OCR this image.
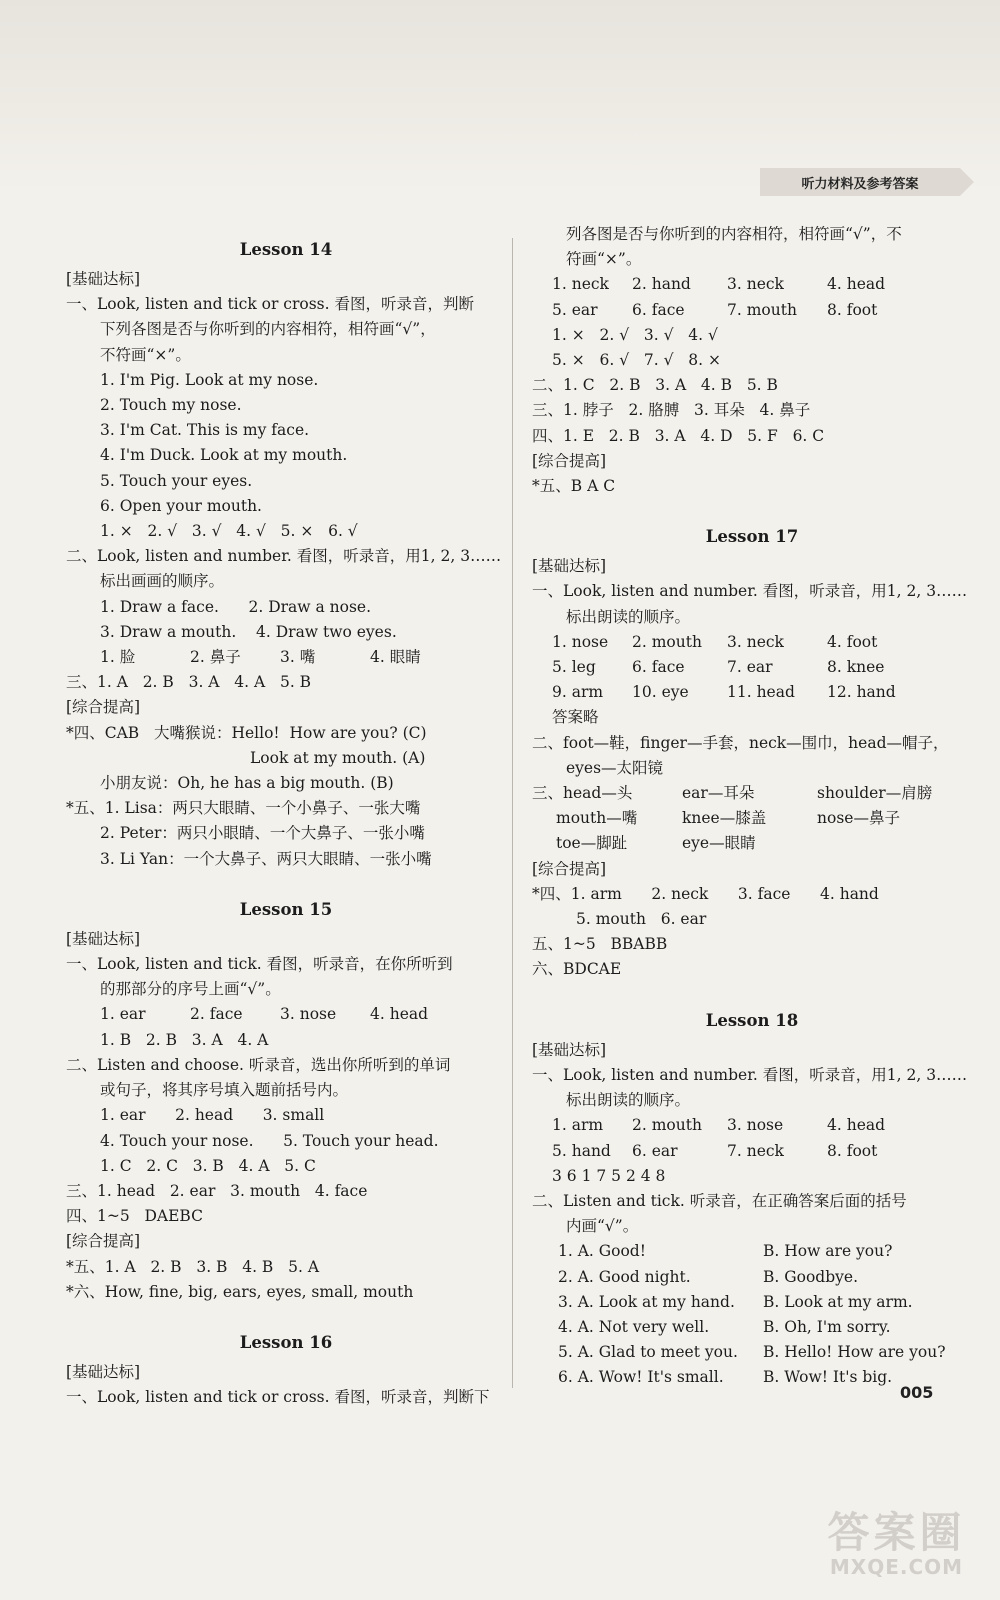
听力材料及参考答案
Lesson 14
[基础达标]
一、Look, listen and tick or cross. 看图，听录音，判断
下列各图是否与你听到的内容相符，相符画“√”，
不符画“×”。
1. I'm Pig. Look at my nose.
2. Touch my nose.
3. I'm Cat. This is my face.
4. I'm Duck. Look at my mouth.
5. Touch your eyes.
6. Open your mouth.
1. ×   2. √   3. √   4. √   5. ×   6. √
二、Look, listen and number. 看图，听录音，用1, 2, 3……
标出画画的顺序。
1. Draw a face.      2. Draw a nose.
3. Draw a mouth.    4. Draw two eyes.
1. 脸	2. 鼻子	3. 嘴	4. 眼睛
三、1. A   2. B   3. A   4. A   5. B
[综合提高]
*四、CAB   大嘴猴说：Hello!  How are you? (C)
Look at my mouth. (A)
小朋友说：Oh, he has a big mouth. (B)
*五、1. Lisa：两只大眼睛、一个小鼻子、一张大嘴
2. Peter：两只小眼睛、一个大鼻子、一张小嘴
3. Li Yan：一个大鼻子、两只大眼睛、一张小嘴
Lesson 15
[基础达标]
一、Look, listen and tick. 看图，听录音，在你所听到
的那部分的序号上画“√”。
1. ear	2. face	3. nose	4. head
1. B   2. B   3. A   4. A
二、Listen and choose. 听录音，选出你所听到的单词
或句子，将其序号填入题前括号内。
1. ear      2. head      3. small
4. Touch your nose.      5. Touch your head.
1. C   2. C   3. B   4. A   5. C
三、1. head   2. ear   3. mouth   4. face
四、1~5   DAEBC
[综合提高]
*五、1. A   2. B   3. B   4. B   5. A
*六、How, fine, big, ears, eyes, small, mouth
Lesson 16
[基础达标]
一、Look, listen and tick or cross. 看图，听录音，判断下
列各图是否与你听到的内容相符，相符画“√”，不
符画“×”。
1. neck	2. hand	3. neck	4. head
5. ear	6. face	7. mouth	8. foot
1. ×   2. √   3. √   4. √
5. ×   6. √   7. √   8. ×
二、1. C   2. B   3. A   4. B   5. B
三、1. 脖子   2. 胳膊   3. 耳朵   4. 鼻子
四、1. E   2. B   3. A   4. D   5. F   6. C
[综合提高]
*五、B A C
Lesson 17
[基础达标]
一、Look, listen and number. 看图，听录音，用1, 2, 3……
标出朗读的顺序。
1. nose	2. mouth	3. neck	4. foot
5. leg	6. face	7. ear	8. knee
9. arm	10. eye	11. head	12. hand
答案略
二、foot—鞋，finger—手套，neck—围巾，head—帽子，
eyes—太阳镜
三、head—头	ear—耳朵	shoulder—肩膀
mouth—嘴	knee—膝盖	nose—鼻子
toe—脚趾	eye—眼睛
[综合提高]
*四、1. arm      2. neck      3. face      4. hand
5. mouth   6. ear
五、1~5   BBABB
六、BDCAE
Lesson 18
[基础达标]
一、Look, listen and number. 看图，听录音，用1, 2, 3……
标出朗读的顺序。
1. arm	2. mouth	3. nose	4. head
5. hand	6. ear	7. neck	8. foot
3 6 1 7 5 2 4 8
二、Listen and tick. 听录音，在正确答案后面的括号
内画“√”。
1. A. Good!	B. How are you?
2. A. Good night.	B. Goodbye.
3. A. Look at my hand.	B. Look at my arm.
4. A. Not very well.	B. Oh, I'm sorry.
5. A. Glad to meet you.	B. Hello! How are you?
6. A. Wow! It's small.	B. Wow! It's big.
005
答案圈
MXQE.COM
